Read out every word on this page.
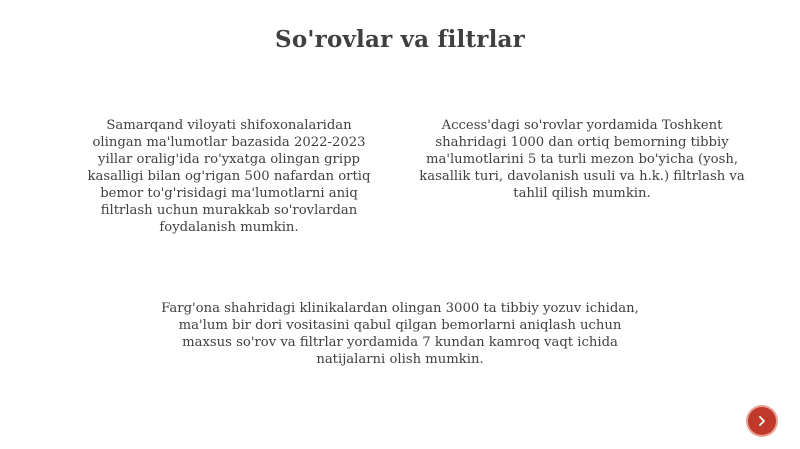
So'rovlar va filtrlar
Samarqand viloyati shifoxonalaridan
olingan ma'lumotlar bazasida 2022-2023
yillar oralig'ida ro'yxatga olingan gripp
kasalligi bilan og'rigan 500 nafardan ortiq
bemor to'g'risidagi ma'lumotlarni aniq
filtrlash uchun murakkab so'rovlardan
foydalanish mumkin.
Access'dagi so'rovlar yordamida Toshkent
shahridagi 1000 dan ortiq bemorning tibbiy
ma'lumotlarini 5 ta turli mezon bo'yicha (yosh,
kasallik turi, davolanish usuli va h.k.) filtrlash va
tahlil qilish mumkin.
Farg'ona shahridagi klinikalardan olingan 3000 ta tibbiy yozuv ichidan,
ma'lum bir dori vositasini qabul qilgan bemorlarni aniqlash uchun
maxsus so'rov va filtrlar yordamida 7 kundan kamroq vaqt ichida
natijalarni olish mumkin.
